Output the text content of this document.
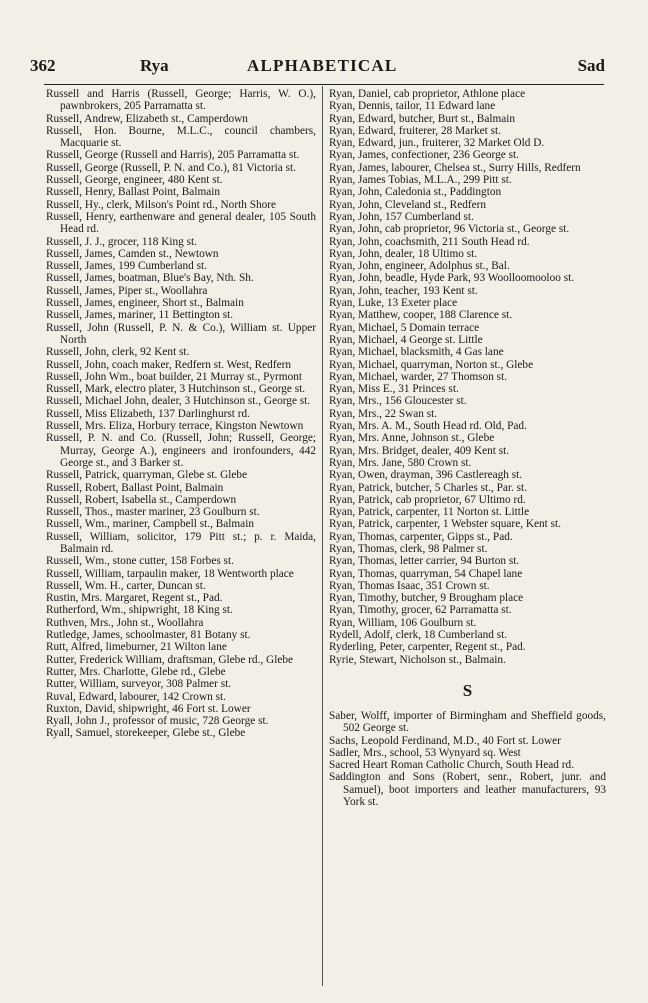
362	Rya	ALPHABETICAL	Sad

Russell and Harris (Russell, George; Harris, W. O.), pawnbrokers, 205 Parramatta st.

Russell, Andrew, Elizabeth st., Camperdown

Russell, Hon. Bourne, M.L.C., council chambers, Macquarie st.

Russell, George (Russell and Harris), 205 Parramatta st.

Russell, George (Russell, P. N. and Co.), 81 Victoria st.

Russell, George, engineer, 480 Kent st.

Russell, Henry, Ballast Point, Balmain

Russell, Hy., clerk, Milson's Point rd., North Shore

Russell, Henry, earthenware and general dealer, 105 South Head rd.

Russell, J. J., grocer, 118 King st.

Russell, James, Camden st., Newtown

Russell, James, 199 Cumberland st.

Russell, James, boatman, Blue's Bay, Nth. Sh.

Russell, James, Piper st., Woollahra

Russell, James, engineer, Short st., Balmain

Russell, James, mariner, 11 Bettington st.

Russell, John (Russell, P. N. & Co.), William st. Upper North

Russell, John, clerk, 92 Kent st.

Russell, John, coach maker, Redfern st. West, Redfern

Russell, John Wm., boat builder, 21 Murray st., Pyrmont

Russell, Mark, electro plater, 3 Hutchinson st., George st.

Russell, Michael John, dealer, 3 Hutchinson st., George st.

Russell, Miss Elizabeth, 137 Darlinghurst rd.

Russell, Mrs. Eliza, Horbury terrace, Kingston Newtown

Russell, P. N. and Co. (Russell, John; Russell, George; Murray, George A.), engineers and ironfounders, 442 George st., and 3 Barker st.

Russell, Patrick, quarryman, Glebe st. Glebe

Russell, Robert, Ballast Point, Balmain

Russell, Robert, Isabella st., Camperdown

Russell, Thos., master mariner, 23 Goulburn st.

Russell, Wm., mariner, Campbell st., Balmain

Russell, William, solicitor, 179 Pitt st.; p. r. Maida, Balmain rd.

Russell, Wm., stone cutter, 158 Forbes st.

Russell, William, tarpaulin maker, 18 Wentworth place

Russell, Wm. H., carter, Duncan st.

Rustin, Mrs. Margaret, Regent st., Pad.

Rutherford, Wm., shipwright, 18 King st.

Ruthven, Mrs., John st., Woollahra

Rutledge, James, schoolmaster, 81 Botany st.

Rutt, Alfred, limeburner, 21 Wilton lane

Rutter, Frederick William, draftsman, Glebe rd., Glebe

Rutter, Mrs. Charlotte, Glebe rd., Glebe

Rutter, William, surveyor, 308 Palmer st.

Ruval, Edward, labourer, 142 Crown st.

Ruxton, David, shipwright, 46 Fort st. Lower

Ryall, John J., professor of music, 728 George st.

Ryall, Samuel, storekeeper, Glebe st., Glebe

Ryan, Daniel, cab proprietor, Athlone place

Ryan, Dennis, tailor, 11 Edward lane

Ryan, Edward, butcher, Burt st., Balmain

Ryan, Edward, fruiterer, 28 Market st.

Ryan, Edward, jun., fruiterer, 32 Market Old D.

Ryan, James, confectioner, 236 George st.

Ryan, James, labourer, Chelsea st., Surry Hills, Redfern

Ryan, James Tobias, M.L.A., 299 Pitt st.

Ryan, John, Caledonia st., Paddington

Ryan, John, Cleveland st., Redfern

Ryan, John, 157 Cumberland st.

Ryan, John, cab proprietor, 96 Victoria st., George st.

Ryan, John, coachsmith, 211 South Head rd.

Ryan, John, dealer, 18 Ultimo st.

Ryan, John, engineer, Adolphus st., Bal.

Ryan, John, beadle, Hyde Park, 93 Woolloomooloo st.

Ryan, John, teacher, 193 Kent st.

Ryan, Luke, 13 Exeter place

Ryan, Matthew, cooper, 188 Clarence st.

Ryan, Michael, 5 Domain terrace

Ryan, Michael, 4 George st. Little

Ryan, Michael, blacksmith, 4 Gas lane

Ryan, Michael, quarryman, Norton st., Glebe

Ryan, Michael, warder, 27 Thomson st.

Ryan, Miss E., 31 Princes st.

Ryan, Mrs., 156 Gloucester st.

Ryan, Mrs., 22 Swan st.

Ryan, Mrs. A. M., South Head rd. Old, Pad.

Ryan, Mrs. Anne, Johnson st., Glebe

Ryan, Mrs. Bridget, dealer, 409 Kent st.

Ryan, Mrs. Jane, 580 Crown st.

Ryan, Owen, drayman, 396 Castlereagh st.

Ryan, Patrick, butcher, 5 Charles st., Par. st.

Ryan, Patrick, cab proprietor, 67 Ultimo rd.

Ryan, Patrick, carpenter, 11 Norton st. Little

Ryan, Patrick, carpenter, 1 Webster square, Kent st.

Ryan, Thomas, carpenter, Gipps st., Pad.

Ryan, Thomas, clerk, 98 Palmer st.

Ryan, Thomas, letter carrier, 94 Burton st.

Ryan, Thomas, quarryman, 54 Chapel lane

Ryan, Thomas Isaac, 351 Crown st.

Ryan, Timothy, butcher, 9 Brougham place

Ryan, Timothy, grocer, 62 Parramatta st.

Ryan, William, 106 Goulburn st.

Rydell, Adolf, clerk, 18 Cumberland st.

Ryderling, Peter, carpenter, Regent st., Pad.

Ryrie, Stewart, Nicholson st., Balmain.

S

Saber, Wolff, importer of Birmingham and Sheffield goods, 502 George st.

Sachs, Leopold Ferdinand, M.D., 40 Fort st. Lower

Sadler, Mrs., school, 53 Wynyard sq. West

Sacred Heart Roman Catholic Church, South Head rd.

Saddington and Sons (Robert, senr., Robert, junr. and Samuel), boot importers and leather manufacturers, 93 York st.
